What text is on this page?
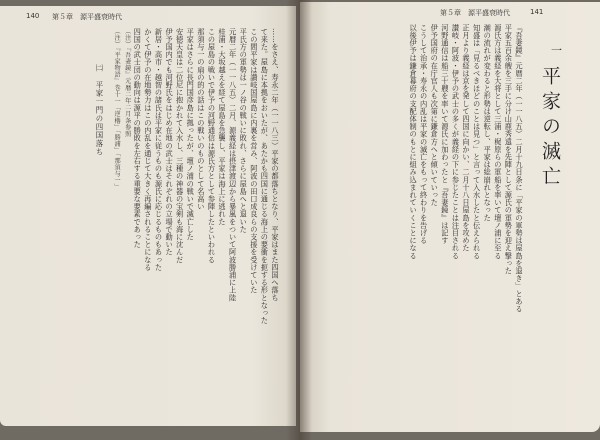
140 第５章　源平盛衰時代
㈡　平家一門の四国落ち	……をさえ、寿永二年（一一八三）平家の都落ちとなり、平家はまた四国へ落ち
て来た。屋島に本拠をおいたが、あたかも四国に通じる海上の要衝を扼する形となった
この間平家は讃岐国屋島に内裏を営み、阿波の田口成良らの支援を受けていた
平氏方の軍勢は一ノ谷の戦いに敗れ、さらに屋島へと退いた
元暦二年（一一八五）二月、源義経は摂津渡辺から暴風をついて阿波勝浦に上陸
桂浦・大坂越えを経て屋島を急襲し、平家は海上に逃れた
この屋島の戦いで伊予の河野通信は源氏方として参陣したといわれる
那須与一の扇の的の話はこの戦いのものとして名高い
平家はさらに長門国彦島に拠ったが、壇ノ浦の戦いで滅亡した
安徳天皇は二位尼に抱かれて入水し、三種の神器の宝剣も海に沈んだ
伊予国内でも河野氏をはじめ在地の武士はそれぞれの立場で動いた
新居・高市・越智の諸氏は平家に従うものも源氏に応じるものもあった
かくて伊予の在地勢力はこの内乱を通じて大きく再編されることになる
四国の武士団の動向は源平の勝敗を左右する重要な要素であった
（注）『吾妻鏡』元暦二年二月条参照
（注）『平家物語』巻十一「逆櫓」「勝浦」「那須与一」
第５章　源平盛衰時代	141
一
平家の滅亡
『吾妻鏡』元暦二年（一一八五）二月十九日条に「平家の軍勢は屋島を退き」とある
平家五百余艘を三手に分け山鹿秀遠を先陣として源氏の軍勢を迎え撃った
源氏方は義経を大将として三浦・梶原らの軍船を率いて壇ノ浦に至る
潮の流れが変わると形勢は逆転し、平家は総崩れとなった
知盛は「見るべきほどのことは見つ」と言って入水したと伝えられる
正月より義経は京を発して四国に向かい、二月十八日屋島を攻めた
讃岐・阿波・伊予の武士の多くが義経の下に参じたことは注目される
河野通信は船三十艘を率いて源氏に加わったと『吾妻鏡』は記す
伊予国府の在庁官人も次第に鎌倉方へと傾いていった
こうして治承・寿永の内乱は平家の滅亡をもって終わりを告げる
以後伊予は鎌倉幕府の支配体制のもとに組み込まれていくことになる
